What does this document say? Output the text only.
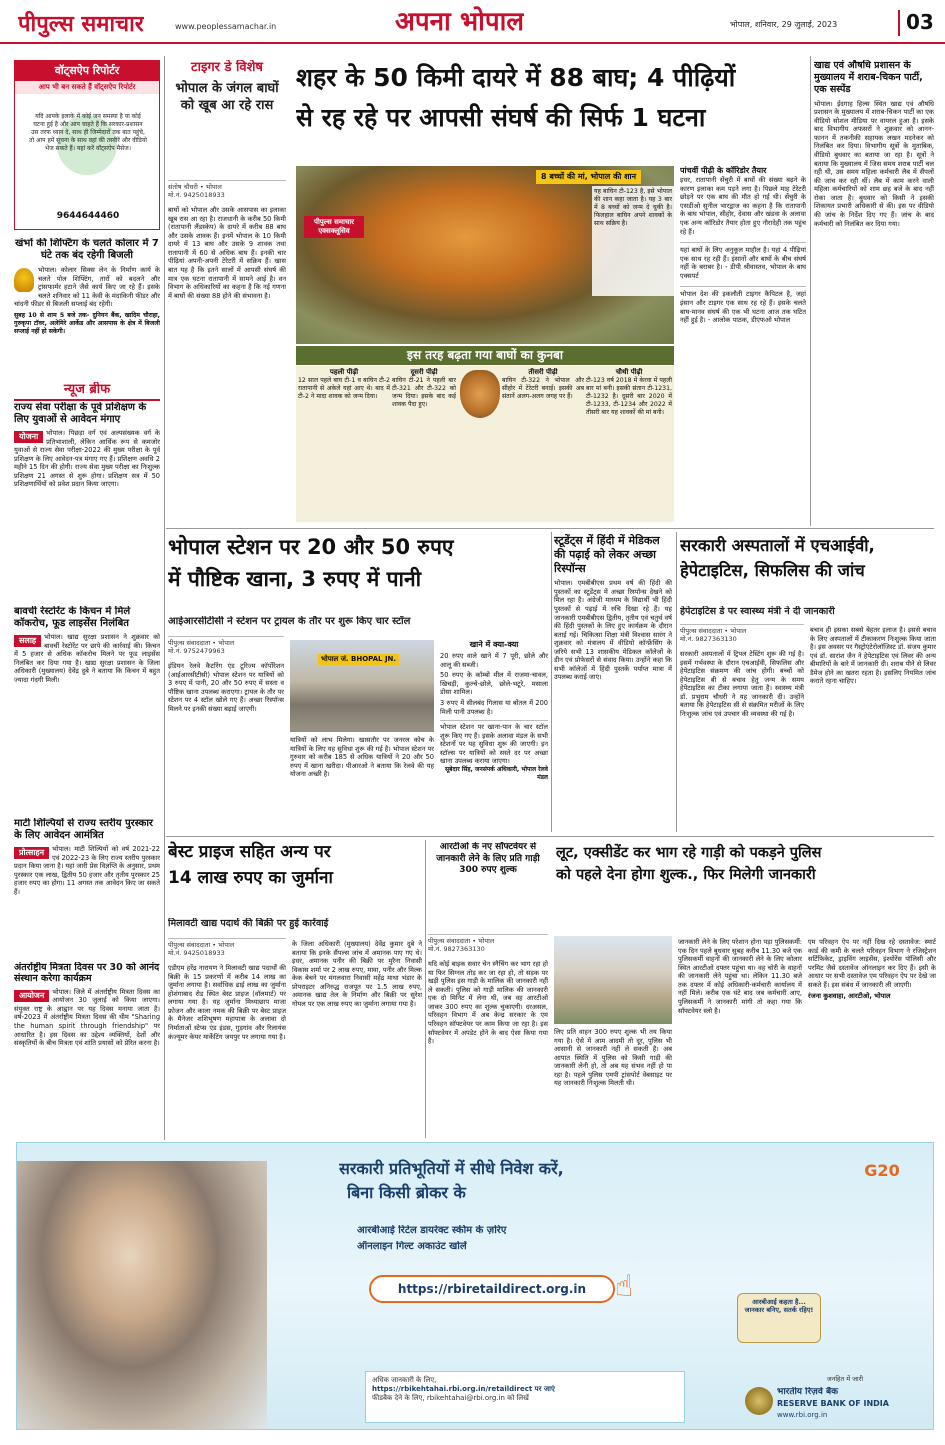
पीपुल्स समाचार	www.peoplessamachar.in	अपना भोपाल	भोपाल, शनिवार, 29 जुलाई, 2023	03
वॉट्सऐप रिपोर्टर
आप भी बन सकते हैं वॉट्सऐप रिपोर्टर
यदि आपके इलाके में कोई जन समस्या है या कोई घटना हुई है और आप चाहते हैं कि सरकार-प्रशासन उस तरफ ध्यान दे, साथ ही जिम्मेदारों तक बात पहुंचे, तो आप हमें सूचना के साथ वहां की तस्वीरें और वीडियो भेज सकते हैं। यहां करें वॉट्सऐप मैसेज।
9644644460
खंभों की शिफ्टिंग के चलते कोलार में 7 घंटे तक बंद रहेगी बिजली
भोपाल। कोलार सिक्स लेन के निर्माण कार्य के चलते पोल शिफ्टिंग, तारों को बदलने और ट्रांसफार्मर हटाने जैसे कार्य किए जा रहे हैं। इसके चलते शनिवार को 11 केवी के मंदाकिनी फीडर और चांदनी फीडर से बिजली सप्लाई बंद रहेगी।
सुबह 10 से शाम 5 बजे तक- दुनियन बैंक, खादिम चौराहा, गुरुकृपा टॉवर, अलेमिरे आर्केड और आसपास के क्षेत्र में बिजली सप्लाई नहीं हो सकेगी।
न्यूज ब्रीफ
राज्य सेवा परीक्षा के पूर्व प्रशिक्षण के लिए युवाओं से आवेदन मंगाए
योजना	भोपाल। पिछड़ा वर्ग एवं अल्पसंख्यक वर्ग के प्रतिभाशाली, लेकिन आर्थिक रूप से कमजोर युवाओं से राज्य सेवा परीक्षा-2022 की मुख्य परीक्षा के पूर्व प्रशिक्षण के लिए आवेदन-पत्र मंगाए गए हैं। प्रशिक्षण अवधि 2 महीने 15 दिन की होगी। राज्य सेवा मुख्य परीक्षा का निःशुल्क प्रशिक्षण 21 अगस्त से शुरू होगा। प्रशिक्षण सत्र में 50 प्रशिक्षणार्थियों को प्रवेश प्रदान किया जाएगा।
बावर्ची रेस्टोरेंट के किचन में मिले कॉकरोच, फूड लाइसेंस निलंबित
सलाह	भोपाल। खाद्य सुरक्षा प्रशासन ने शुक्रवार को बावर्ची रेस्टोरेंट पर छापे की कार्रवाई की। किचन में 5 हजार से अधिक कॉकरोच मिलने पर फूड लाइसेंस निलंबित कर दिया गया है। खाद्य सुरक्षा प्रशासन के जिला अधिकारी (मुख्यालय) देवेंद्र दुबे ने बताया कि किचन में बहुत ज्यादा गंदगी मिली।
माटी शिल्पियों से राज्य स्तरीय पुरस्कार के लिए आवेदन आमंत्रित
प्रोत्साहन	भोपाल। माटी शिल्पियों को वर्ष 2021-22 एवं 2022-23 के लिए राज्य स्तरीय पुरस्कार प्रदान किया जाना है। यहां जारी प्रेस विज्ञप्ति के अनुसार, प्रथम पुरस्कार एक लाख, द्वितीय 50 हजार और तृतीय पुरस्कार 25 हजार रुपए का होगा। 11 अगस्त तक आवेदन किए जा सकते हैं।
अंतर्राष्ट्रीय मित्रता दिवस पर 30 को आनंद संस्थान करेगा कार्यक्रम
आयोजन	भोपाल। जिले में अंतर्राष्ट्रीय मित्रता दिवस का आयोजन 30 जुलाई को किया जाएगा। संयुक्त राष्ट्र के आह्वान पर यह दिवस मनाया जाता है। वर्ष-2023 में अंतर्राष्ट्रीय मित्रता दिवस की थीम "Sharing the human spirit through friendship" पर आधारित है। इस दिवस का उद्देश्य व्यक्तियों, देशों और संस्कृतियों के बीच मित्रता एवं शांति प्रयासों को प्रेरित करना है।
टाइगर डे विशेष
भोपाल के जंगल बाघों को खूब आ रहे रास
शहर के 50 किमी दायरे में 88 बाघ; 4 पीढ़ियों
से रह रहे पर आपसी संघर्ष की सिर्फ 1 घटना
संतोष चौधरी • भोपाल
मो.नं. 9425018933
बाघों को भोपाल और उसके आसपास का इलाका खूब रास आ रहा है। राजधानी के करीब 50 किमी (रातापानी लैंडस्केप) के दायरे में करीब 88 बाघ और उसके शावक हैं। इनमें भोपाल के 10 किमी दायरे में 13 बाघ और उसके 9 शावक तथा रातापानी में 60 से अधिक बाघ हैं। इनकी चार पीढ़ियां अपनी-अपनी टेरेटरी में सक्रिय हैं। खास बात यह है कि इतने सालों में आपसी संघर्ष की मात्र एक घटना रातापानी में सामने आई है। वन विभाग के अधिकारियों का कहना है कि नई गणना में बाघों की संख्या 88 होने की संभावना है।
8 बच्चों की मां, भोपाल की शान
पीपुल्स समाचार एक्सक्लूसिव
यह बाघिन टी-123 है, इसे भोपाल की शान कहा जाता है। यह 3 बार में 8 बच्चों को जन्म दे चुकी है। फिलहाल बाघिन अपने शावकों के साथ सक्रिय है।
इस तरह बढ़ता गया बाघों का कुनबा
पहली पीढ़ी
12 साल पहले बाघ टी-1 व बाघिन टी-2 रातापानी से अकेले यहां आए थे। बाद में टी-2 ने मादा शावक को जन्म दिया।
दूसरी पीढ़ी
बाघिन टी-21 ने पहली बार टी-321 और टी-322 को जन्म दिया। इसके बाद कई शावक पैदा हुए।
तीसरी पीढ़ी
बाघिन टी-322 ने भोपाल और सीहोर में टेरेटरी बनाई। इसकी अब संतानें अलग-अलग जगह पर हैं।
चौथी पीढ़ी
टी-123 वर्ष 2018 में केरवा में पहली बार मां बनी। इसकी संतान टी-1231, टी-1232 है। दूसरी बार 2020 में टी-1233, टी-1234 और 2022 में तीसरी बार यह शावकों की मां बनी।
पांचवीं पीढ़ी के कॉरिडोर तैयार
इधर, रातापानी सेंचुरी में बाघों की संख्या बढ़ने के कारण इलाका कम पड़ने लगा है। पिछले माह टेरेटरी छोड़ने पर एक बाघ की मौत हो गई थी। सेंचुरी के एसडीओ सुनील भारद्वाज का कहना है कि रातापानी के बाघ भोपाल, सीहोर, देवास और खंडवा के अलावा एक अन्य कॉरिडोर तैयार होता हुए नौरादेही तक पहुंच रहे हैं।
यहां बाघों के लिए अनुकूल माहौल है। यहां 4 पीढ़ियां एक साथ रह रही हैं। इंसानों और बाघों के बीच संघर्ष नहीं के बराबर है। - डीपी श्रीवास्तव, भोपाल के बाघ एक्सपर्ट
भोपाल देश की इकलौती टाइगर कैपिटल है, जहां इंसान और टाइगर एक साथ रह रहे हैं। इसके चलते बाघ-मानव संघर्ष की एक भी घटना आज तक घटित नहीं हुई है। - आलोक पाठक, डीएफओ भोपाल
खाद्य एवं औषधि प्रशासन के मुख्यालय में शराब-चिकन पार्टी, एक सस्पेंड
भोपाल। ईदगाह हिल्स स्थित खाद्य एवं औषधि प्रशासन के मुख्यालय में शराब-चिकन पार्टी का एक वीडियो सोशल मीडिया पर वायरल हुआ है। इसके बाद विभागीय अफसरों ने शुक्रवार को आनन-फानन में तकनीकी सहायक लखन मदनेकर को निलंबित कर दिया। विभागीय सूत्रों के मुताबिक, वीडियो बुधवार का बताया जा रहा है। सूत्रों ने बताया कि मुख्यालय में जिस समय शराब पार्टी चल रही थी, उस समय महिला कर्मचारी लैब में सैंपलों की जांच कर रही थीं। लैब में काम करने वाली महिला कर्मचारियों को शाम छह बजे के बाद नहीं रोका जाता है। बुधवार को किसी ने इसकी शिकायत प्रभारी अधिकारी से की। इस पर वीडियो की जांच के निर्देश दिए गए हैं। जांच के बाद कर्मचारी को निलंबित कर दिया गया।
भोपाल स्टेशन पर 20 और 50 रुपए
में पौष्टिक खाना, 3 रुपए में पानी
आईआरसीटीसी ने स्टेशन पर ट्रायल के तौर पर शुरू किए चार स्टॉल
पीपुल्स संवाददाता • भोपाल
मो.नं. 9752479963
इंडियन रेलवे कैटरिंग एंड टूरिज्म कॉर्पोरेशन (आईआरसीटीसी) भोपाल स्टेशन पर यात्रियों को 3 रुपए में पानी, 20 और 50 रुपए में सस्ता व पौष्टिक खाना उपलब्ध कराएगा। ट्रायल के तौर पर स्टेशन पर 4 स्टॉल खोले गए हैं। अच्छा रिस्पॉन्स मिलने पर इनकी संख्या बढ़ाई जाएगी।
भोपाल जं. BHOPAL JN.
यात्रियों को लाभ मिलेगा। खासतौर पर जनरल कोच के यात्रियों के लिए यह सुविधा शुरू की गई है। भोपाल स्टेशन पर गुरुवार को करीब 185 से अधिक यात्रियों ने 20 और 50 रुपए में खाना खरीदा। पीआरओ ने बताया कि रेलवे की यह योजना अच्छी है।
खाने में क्या-क्या
20 रुपए वाले खाने में 7 पूरी, छोले और आलू की सब्जी।
50 रुपए के कॉम्बो मील में राजमा-चावल, खिचड़ी, कुल्चे-छोले, छोले-भटूरे, मसाला डोसा शामिल।
3 रुपए में सीलबंद गिलास या बोतल में 200 मिली पानी उपलब्ध है।
भोपाल स्टेशन पर खाना-पान के चार स्टॉल शुरू किए गए हैं। इसके अलावा मंडल के सभी स्टेशनों पर यह सुविधा शुरू की जाएगी। इन स्टॉल्स पर यात्रियों को सस्ते दर पर अच्छा खाना उपलब्ध कराया जाएगा।
सूबेदार सिंह, जनसंपर्क अधिकारी, भोपाल रेलवे मंडल
स्टूडेंट्स में हिंदी में मेडिकल की पढ़ाई को लेकर अच्छा रिस्पॉन्स
भोपाल। एमबीबीएस प्रथम वर्ष की हिंदी की पुस्तकों का स्टूडेंट्स में अच्छा रिस्पॉन्स देखने को मिल रहा है। अंग्रेजी माध्यम के विद्यार्थी भी हिंदी पुस्तकों से पढ़ाई में रुचि दिखा रहे हैं। यह जानकारी एमबीबीएस द्वितीय, तृतीय एवं चतुर्थ वर्ष की हिंदी पुस्तकों के लिए हुए कार्यक्रम के दौरान बताई गई। चिकित्सा शिक्षा मंत्री विश्वास सारंग ने शुक्रवार को मंत्रालय में वीडियो कॉन्फ्रेंसिंग के जरिये सभी 13 शासकीय मेडिकल कॉलेजों के डीन एवं प्रोफेसरों से संवाद किया। उन्होंने कहा कि सभी कॉलेजों में हिंदी पुस्तकें पर्याप्त मात्रा में उपलब्ध कराई जाएं।
सरकारी अस्पतालों में एचआईवी,
हेपेटाइटिस, सिफलिस की जांच
हेपेटाइटिस डे पर स्वास्थ्य मंत्री ने दी जानकारी
पीपुल्स संवाददाता • भोपाल
मो.नं. 9827363130
सरकारी अस्पतालों में ट्रिपल टेस्टिंग शुरू की गई है। इसमें गर्भवस्था के दौरान एचआईवी, सिफलिस और हेपेटाइटिस संक्रमण की जांच होगी। बच्चों को हेपेटाइटिस बी से बचाव हेतु जन्म के समय हेपेटाइटिस का टीका लगाया जाता है। स्वास्थ्य मंत्री डॉ. प्रभुराम चौधरी ने यह जानकारी दी। उन्होंने बताया कि हेपेटाइटिस सी से संक्रमित मरीजों के लिए निःशुल्क जांच एवं उपचार की व्यवस्था की गई है।
बचाव ही इसका सबसे बेहतर इलाज है। इससे बचाव के लिए अस्पतालों में टीकाकरण निःशुल्क किया जाता है। इस अवसर पर गैस्ट्रोएंटेरोलॉजिस्ट डॉ. संजय कुमार एवं डॉ. सारांश जैन ने हेपेटाइटिस एवं लिवर की अन्य बीमारियों के बारे में जानकारी दी। शराब पीने से लिवर डैमेज होने का खतरा रहता है। इसलिए नियमित जांच कराते रहना चाहिए।
बेस्ट प्राइज सहित अन्य पर
14 लाख रुपए का जुर्माना
मिलावटी खाद्य पदार्थ की बिक्री पर हुई कार्रवाई
पीपुल्स संवाददाता • भोपाल
मो.नं. 9425018933
एडीएम हरेंद्र नारायण ने मिलावटी खाद्य पदार्थों की बिक्री के 15 प्रकरणों में करीब 14 लाख का जुर्माना लगाया है। सर्वाधिक ढाई लाख का जुर्माना होशंगाबाद रोड स्थित बेस्ट प्राइज (वॉलमार्ट) पर लगाया गया है। यह जुर्माना मिथ्याछाप माजा फ्रोजन और काला नमक की बिक्री पर बेस्ट प्राइज के मैनेजर शशिभूषण महापात्रा के अलावा दो निर्माताओं स्टेप्स एंड इंडस, गुड़गांव और रिलायंस कंज्यूमर केयर मार्केटिंग जयपुर पर लगाया गया है।
के जिला अधिकारी (मुख्यालय) देवेंद्र कुमार दुबे ने बताया कि इनके सैंपल्स जांच में अमानक पाए गए थे। इधर, अमानक पनीर की बिक्री पर मुरैना निवासी विकास शर्मा पर 2 लाख रुपए, मावा, पनीर और मिल्क केक बेचने पर मंगलवारा निवासी महेंद्र माथा भंडार के प्रोपराइटर अनिरुद्ध राजपूत पर 1.5 लाख रुपए, अमानक खाद्य तेल के निर्माण और बिक्री पर सुरेश गोयल पर एक लाख रुपए का जुर्माना लगाया गया है।
आरटीओ के नए सॉफ्टवेयर से जानकारी लेने के लिए प्रति गाड़ी 300 रुपए शुल्क
पीपुल्स संवाददाता • भोपाल
मो.नं. 9827363130
यदि कोई बाइक सवार चेन स्नैचिंग कर भाग रहा हो या फिर सिग्नल तोड़ कर जा रहा हो, तो सड़क पर खड़ी पुलिस इस गाड़ी के मालिक की जानकारी नहीं ले सकती। पुलिस को गाड़ी मालिक की जानकारी एक दो मिनिट में लेना थी, जब वह आरटीओ जाकर 300 रुपए का शुल्क चुकाएगी। दरअसल, परिवहन विभाग में अब केन्द्र सरकार के एम परिवहन सॉफ्टवेयर पर काम किया जा रहा है। इस सॉफ्टवेयर में अपडेट होने के बाद ऐसा किया गया है।
लूट, एक्सीडेंट कर भाग रहे गाड़ी को पकड़ने पुलिस
को पहले देना होगा शुल्क., फिर मिलेगी जानकारी
लिए प्रति वाहन 300 रुपए शुल्क भी तय किया गया है। ऐसे में आम आदमी तो दूर, पुलिस भी आसानी से जानकारी नहीं ले सकती है। अब आपात स्थिति में पुलिस को किसी गाड़ी की जानकारी लेनी हो, तो अब यह संभव नहीं हो पा रहा है। पहले पुलिस एमपी ट्रांसपोर्ट वेबसाइट पर यह जानकारी निःशुल्क मिलती थी।
जानकारी लेने के लिए परेशान होना पड़ा पुलिसकर्मी: एक दिन पहले बुधवार सुबह करीब 11.30 बजे एक पुलिसकर्मी वाहनों की जानकारी लेने के लिए कोलार स्थित आरटीओ दफ्तर पहुंचा था। वह चोरी के वाहनों की जानकारी लेने पहुंचा था। लेकिन 11.30 बजे तक दफ्तर में कोई अधिकारी-कर्मचारी कार्यालय में नहीं मिले। करीब एक घंटे बाद जब कर्मचारी आए, पुलिसकर्मी ने जानकारी मांगी तो कहा गया कि सॉफ्टवेयर स्लो है।
एम परिवहन ऐप पर नहीं दिख रहे दस्तावेज: स्मार्ट कार्ड की कमी के चलते परिवहन विभाग ने रजिस्ट्रेशन सर्टिफिकेट, ड्राइविंग लाइसेंस, इंश्योरेंस पॉलिसी और परमिट जैसे दस्तावेज ऑनलाइन कर दिए हैं। इसी के आधार पर सभी दस्तावेज एम परिवहन ऐप पर देखे जा सकते हैं। इस संबंध में जानकारी ली जाएगी।
रंजना कुशवाहा, आरटीओ, भोपाल
सरकारी प्रतिभूतियों में सीधे निवेश करें,
बिना किसी ब्रोकर के
आरबीआई रिटेल डायरेक्ट स्कीम के ज़रिए
ऑनलाइन गिल्ट अकाउंट खोलें
https://rbiretaildirect.org.in ☝	आरबीआई कहता है... जानकार बनिए, सतर्क रहिए!
G20
अधिक जानकारी के लिए,
https://rbikehtahai.rbi.org.in/retaildirect पर जाएं
फीडबैक देने के लिए, rbikehtahai@rbi.org.in को लिखें
जनहित में जारी
भारतीय रिज़र्व बैंक
RESERVE BANK OF INDIA
www.rbi.org.in
